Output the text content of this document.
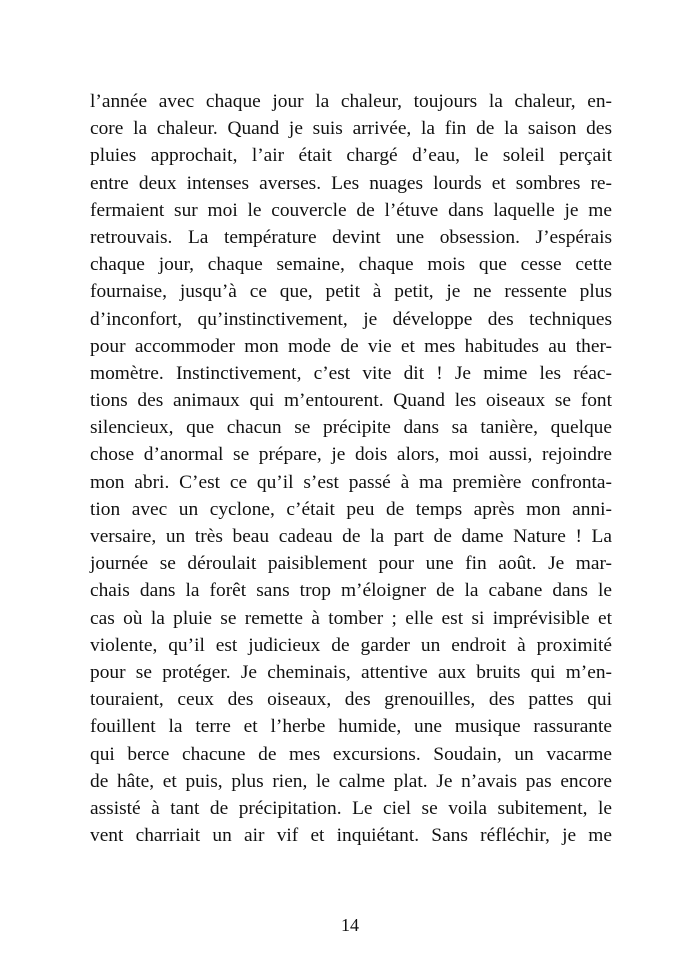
l’année avec chaque jour la chaleur, toujours la chaleur, en-
core la chaleur. Quand je suis arrivée, la fin de la saison des
pluies approchait, l’air était chargé d’eau, le soleil perçait
entre deux intenses averses. Les nuages lourds et sombres re-
fermaient sur moi le couvercle de l’étuve dans laquelle je me
retrouvais. La température devint une obsession. J’espérais
chaque jour, chaque semaine, chaque mois que cesse cette
fournaise, jusqu’à ce que, petit à petit, je ne ressente plus
d’inconfort, qu’instinctivement, je développe des techniques
pour accommoder mon mode de vie et mes habitudes au ther-
momètre. Instinctivement, c’est vite dit ! Je mime les réac-
tions des animaux qui m’entourent. Quand les oiseaux se font
silencieux, que chacun se précipite dans sa tanière, quelque
chose d’anormal se prépare, je dois alors, moi aussi, rejoindre
mon abri. C’est ce qu’il s’est passé à ma première confronta-
tion avec un cyclone, c’était peu de temps après mon anni-
versaire, un très beau cadeau de la part de dame Nature ! La
journée se déroulait paisiblement pour une fin août. Je mar-
chais dans la forêt sans trop m’éloigner de la cabane dans le
cas où la pluie se remette à tomber ; elle est si imprévisible et
violente, qu’il est judicieux de garder un endroit à proximité
pour se protéger. Je cheminais, attentive aux bruits qui m’en-
touraient, ceux des oiseaux, des grenouilles, des pattes qui
fouillent la terre et l’herbe humide, une musique rassurante
qui berce chacune de mes excursions. Soudain, un vacarme
de hâte, et puis, plus rien, le calme plat. Je n’avais pas encore
assisté à tant de précipitation. Le ciel se voila subitement, le
vent charriait un air vif et inquiétant. Sans réfléchir, je me
14
